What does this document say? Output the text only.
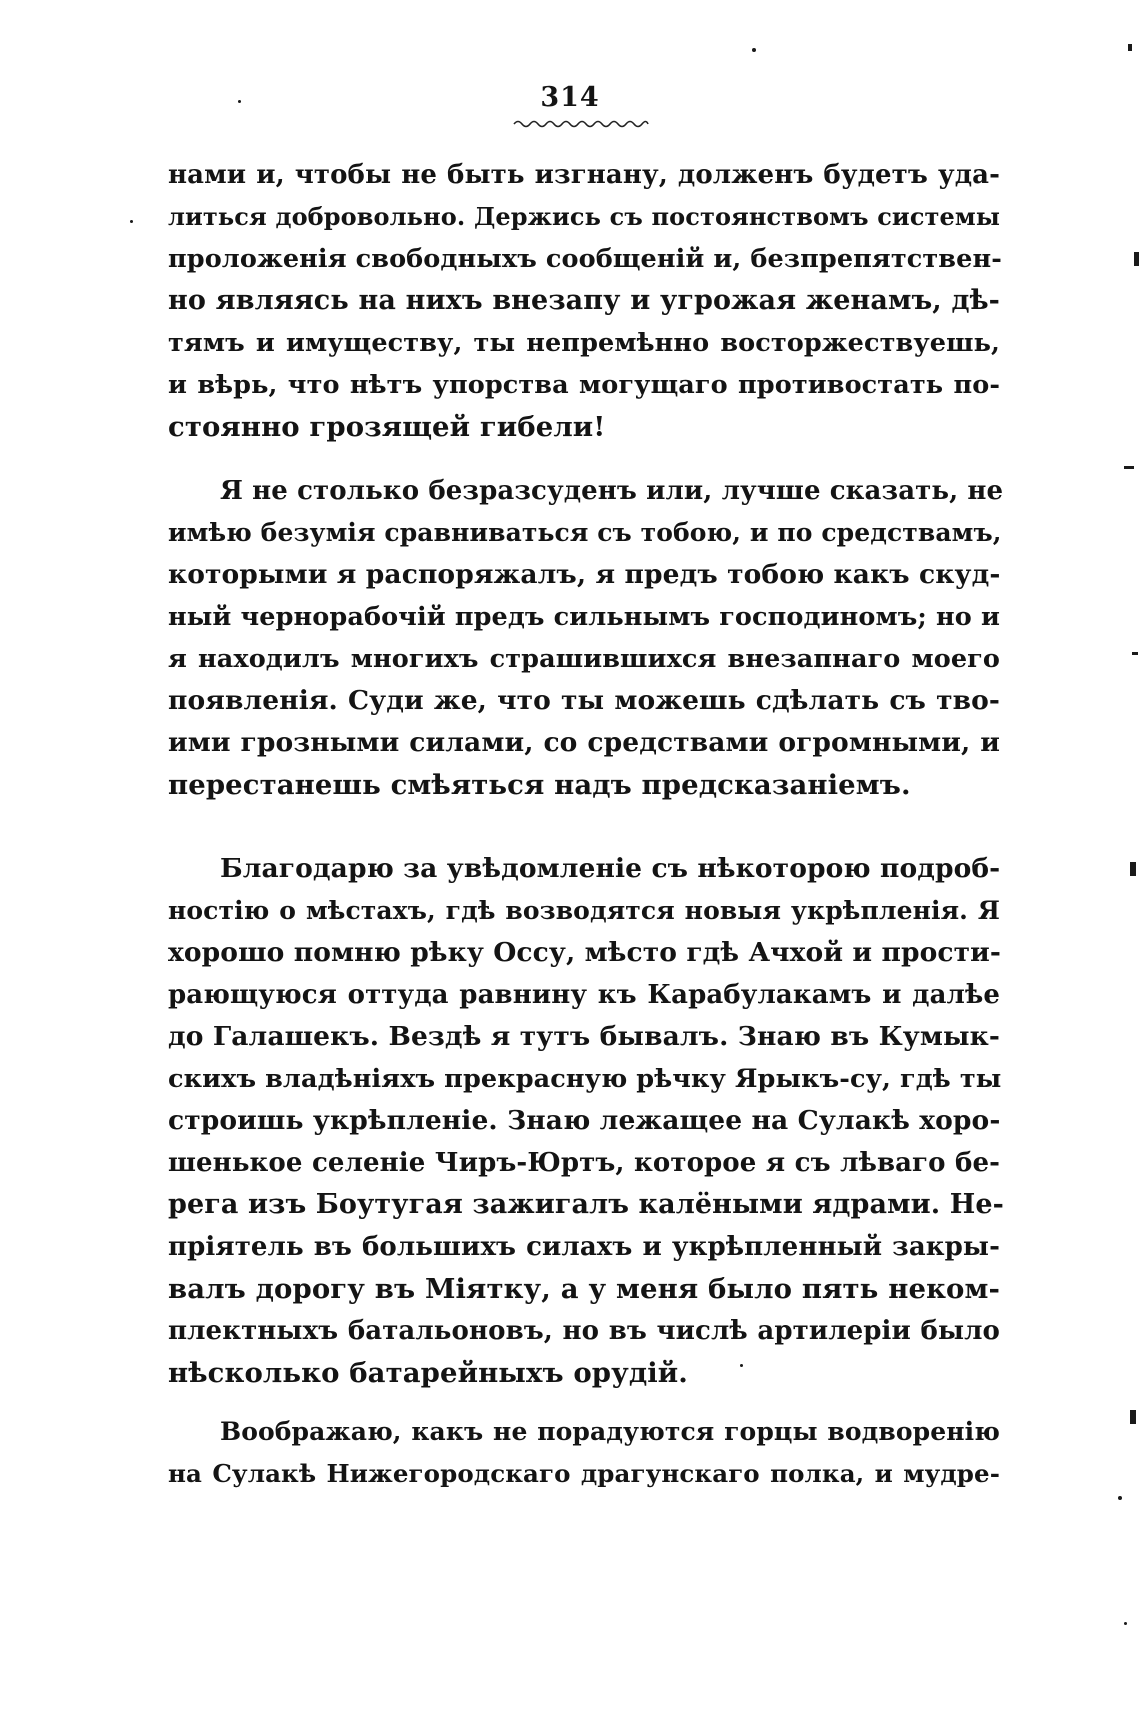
314
нами и, чтобы не быть изгнану, долженъ будетъ уда-
литься добровольно. Держись съ постоянствомъ системы
проложенія свободныхъ сообщеній и, безпрепятствен-
но являясь на нихъ внезапу и угрожая женамъ, дѣ-
тямъ и имуществу, ты непремѣнно восторжествуешь,
и вѣрь, что нѣтъ упорства могущаго противостать по-
стоянно грозящей гибели!
Я не столько безразсуденъ или, лучше сказать, не
имѣю безумія сравниваться съ тобою, и по средствамъ,
которыми я распоряжалъ, я предъ тобою какъ скуд-
ный чернорабочій предъ сильнымъ господиномъ; но и
я находилъ многихъ страшившихся внезапнаго моего
появленія. Суди же, что ты можешь сдѣлать съ тво-
ими грозными силами, со средствами огромными, и
перестанешь смѣяться надъ предсказаніемъ.
Благодарю за увѣдомленіе съ нѣкоторою подроб-
ностію о мѣстахъ, гдѣ возводятся новыя укрѣпленія. Я
хорошо помню рѣку Оссу, мѣсто гдѣ Ачхой и прости-
рающуюся оттуда равнину къ Карабулакамъ и далѣе
до Галашекъ. Вездѣ я тутъ бывалъ. Знаю въ Кумык-
скихъ владѣніяхъ прекрасную рѣчку Ярыкъ-су, гдѣ ты
строишь укрѣпленіе. Знаю лежащее на Сулакѣ хоро-
шенькое селеніе Чиръ-Юртъ, которое я съ лѣваго бе-
рега изъ Боутугая зажигалъ калёными ядрами. Не-
пріятель въ большихъ силахъ и укрѣпленный закры-
валъ дорогу въ Міятку, а у меня было пять неком-
плектныхъ батальоновъ, но въ числѣ артилеріи было
нѣсколько батарейныхъ орудій.
Воображаю, какъ не порадуются горцы водворенію
на Сулакѣ Нижегородскаго драгунскаго полка, и мудре-
